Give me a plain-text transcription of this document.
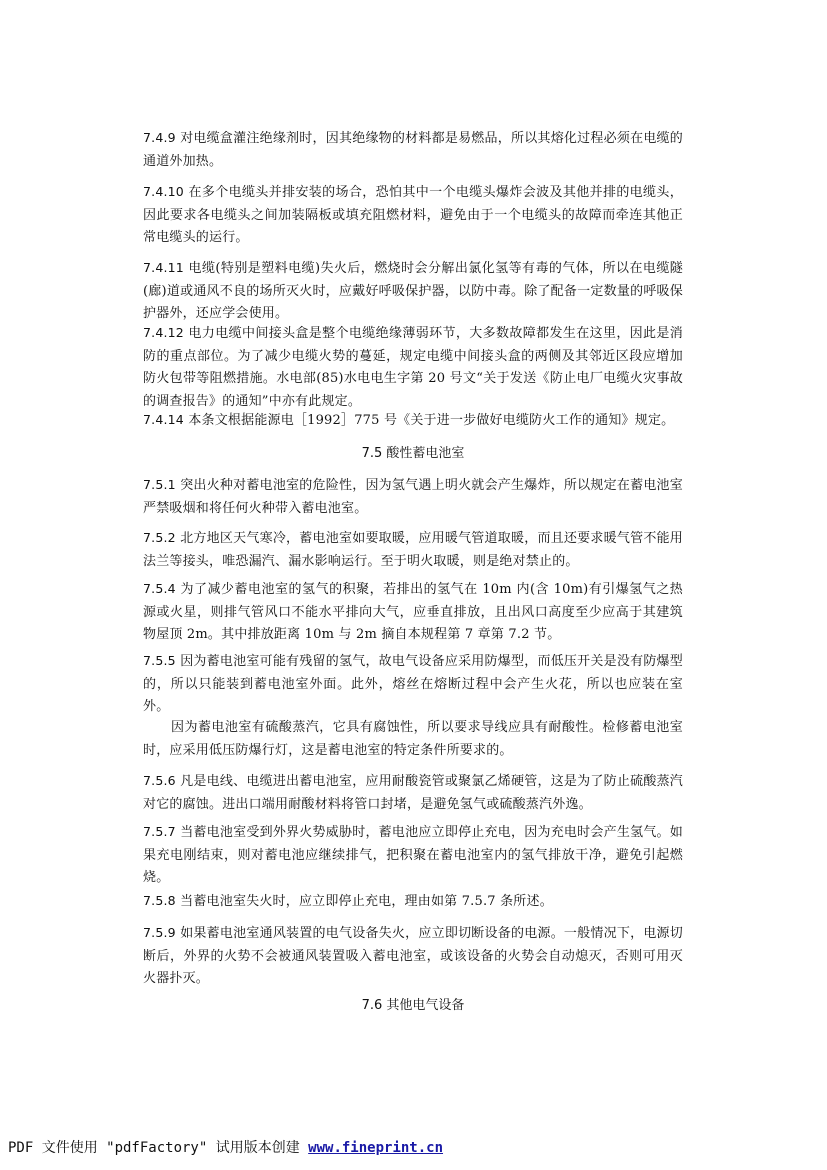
7.4.9 对电缆盒灌注绝缘剂时，因其绝缘物的材料都是易燃品，所以其熔化过程必须在电缆的通道外加热。

7.4.10 在多个电缆头并排安装的场合，恐怕其中一个电缆头爆炸会波及其他并排的电缆头，因此要求各电缆头之间加装隔板或填充阻燃材料，避免由于一个电缆头的故障而牵连其他正常电缆头的运行。

7.4.11 电缆(特别是塑料电缆)失火后，燃烧时会分解出氯化氢等有毒的气体，所以在电缆隧(廊)道或通风不良的场所灭火时，应戴好呼吸保护器，以防中毒。除了配备一定数量的呼吸保护器外，还应学会使用。

7.4.12 电力电缆中间接头盒是整个电缆绝缘薄弱环节，大多数故障都发生在这里，因此是消防的重点部位。为了减少电缆火势的蔓延，规定电缆中间接头盒的两侧及其邻近区段应增加防火包带等阻燃措施。水电部(85)水电电生字第 20 号文“关于发送《防止电厂电缆火灾事故的调查报告》的通知”中亦有此规定。

7.4.14 本条文根据能源电［1992］775 号《关于进一步做好电缆防火工作的通知》规定。

7.5 酸性蓄电池室

7.5.1 突出火种对蓄电池室的危险性，因为氢气遇上明火就会产生爆炸，所以规定在蓄电池室严禁吸烟和将任何火种带入蓄电池室。

7.5.2 北方地区天气寒冷，蓄电池室如要取暖，应用暖气管道取暖，而且还要求暖气管不能用法兰等接头，唯恐漏汽、漏水影响运行。至于明火取暖，则是绝对禁止的。

7.5.4 为了减少蓄电池室的氢气的积聚，若排出的氢气在 10m 内(含 10m)有引爆氢气之热源或火星，则排气管风口不能水平排向大气，应垂直排放，且出风口高度至少应高于其建筑物屋顶 2m。其中排放距离 10m 与 2m 摘自本规程第 7 章第 7.2 节。

7.5.5 因为蓄电池室可能有残留的氢气，故电气设备应采用防爆型，而低压开关是没有防爆型的，所以只能装到蓄电池室外面。此外，熔丝在熔断过程中会产生火花，所以也应装在室外。

因为蓄电池室有硫酸蒸汽，它具有腐蚀性，所以要求导线应具有耐酸性。检修蓄电池室时，应采用低压防爆行灯，这是蓄电池室的特定条件所要求的。

7.5.6 凡是电线、电缆进出蓄电池室，应用耐酸瓷管或聚氯乙烯硬管，这是为了防止硫酸蒸汽对它的腐蚀。进出口端用耐酸材料将管口封堵，是避免氢气或硫酸蒸汽外逸。

7.5.7 当蓄电池室受到外界火势威胁时，蓄电池应立即停止充电，因为充电时会产生氢气。如果充电刚结束，则对蓄电池应继续排气，把积聚在蓄电池室内的氢气排放干净，避免引起燃烧。

7.5.8 当蓄电池室失火时，应立即停止充电，理由如第 7.5.7 条所述。

7.5.9 如果蓄电池室通风装置的电气设备失火，应立即切断设备的电源。一般情况下，电源切断后，外界的火势不会被通风装置吸入蓄电池室，或该设备的火势会自动熄灭，否则可用灭火器扑灭。

7.6 其他电气设备

PDF 文件使用 "pdfFactory" 试用版本创建 www.fineprint.cn
